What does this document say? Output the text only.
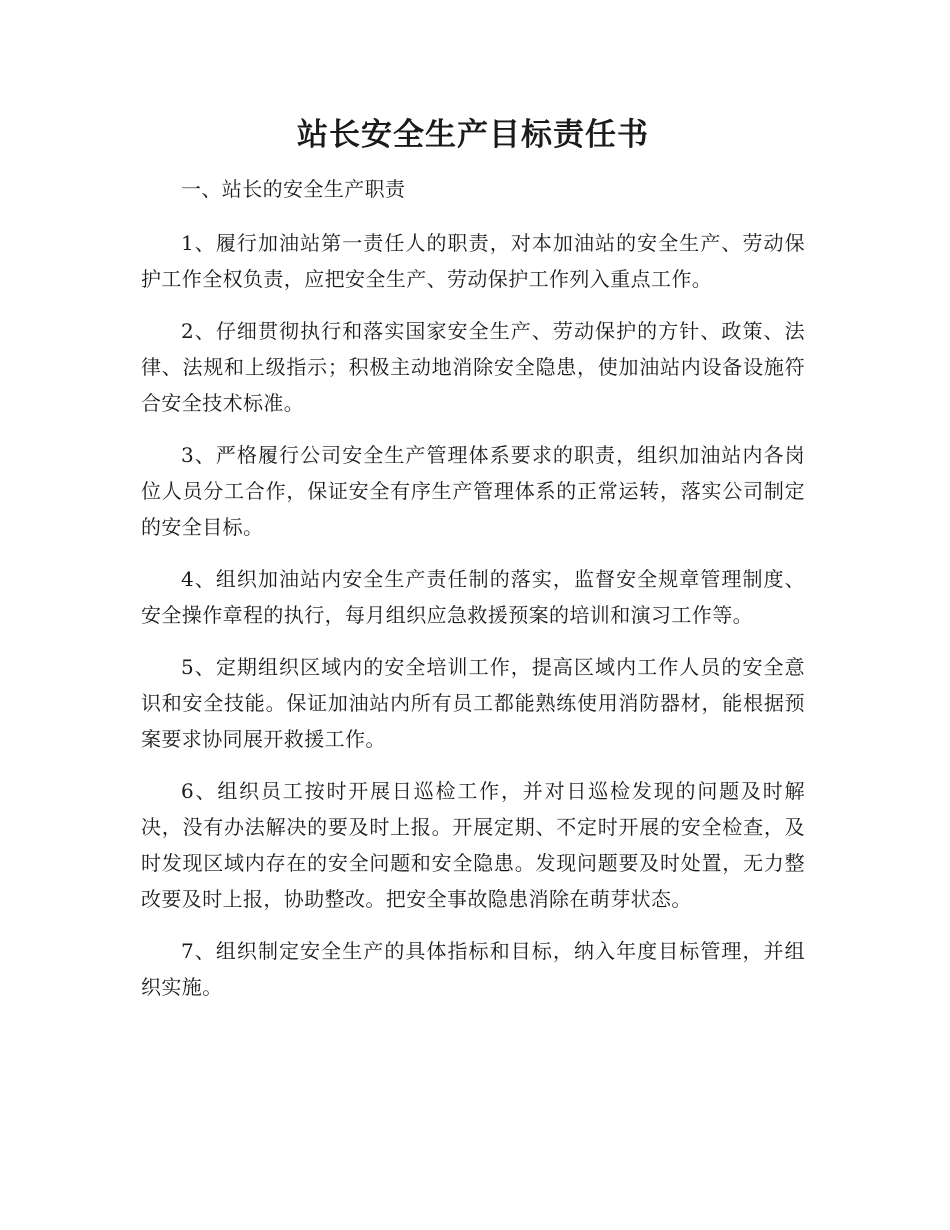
站长安全生产目标责任书

一、站长的安全生产职责

1、履行加油站第一责任人的职责，对本加油站的安全生产、劳动保护工作全权负责，应把安全生产、劳动保护工作列入重点工作。

2、仔细贯彻执行和落实国家安全生产、劳动保护的方针、政策、法律、法规和上级指示；积极主动地消除安全隐患，使加油站内设备设施符合安全技术标准。

3、严格履行公司安全生产管理体系要求的职责，组织加油站内各岗位人员分工合作，保证安全有序生产管理体系的正常运转，落实公司制定的安全目标。

4、组织加油站内安全生产责任制的落实，监督安全规章管理制度、安全操作章程的执行，每月组织应急救援预案的培训和演习工作等。

5、定期组织区域内的安全培训工作，提高区域内工作人员的安全意识和安全技能。保证加油站内所有员工都能熟练使用消防器材，能根据预案要求协同展开救援工作。

6、组织员工按时开展日巡检工作，并对日巡检发现的问题及时解决，没有办法解决的要及时上报。开展定期、不定时开展的安全检查，及时发现区域内存在的安全问题和安全隐患。发现问题要及时处置，无力整改要及时上报，协助整改。把安全事故隐患消除在萌芽状态。

7、组织制定安全生产的具体指标和目标，纳入年度目标管理，并组织实施。
